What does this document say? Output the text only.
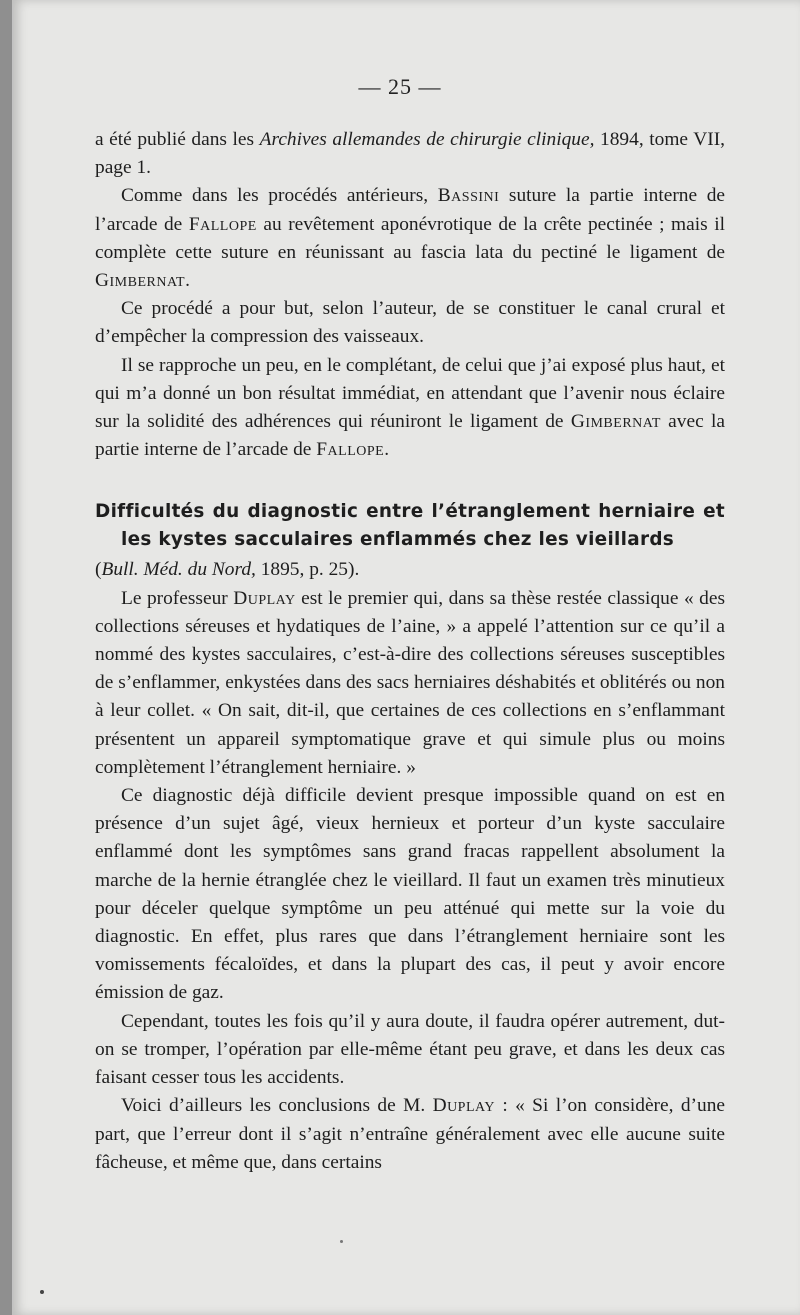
— 25 —

a été publié dans les Archives allemandes de chirurgie clinique, 1894, tome VII, page 1.

Comme dans les procédés antérieurs, Bassini suture la partie interne de l’arcade de Fallope au revêtement aponévrotique de la crête pectinée ; mais il complète cette suture en réunissant au fascia lata du pectiné le ligament de Gimbernat.

Ce procédé a pour but, selon l’auteur, de se constituer le canal crural et d’empêcher la compression des vaisseaux.

Il se rapproche un peu, en le complétant, de celui que j’ai exposé plus haut, et qui m’a donné un bon résultat immédiat, en attendant que l’avenir nous éclaire sur la solidité des adhérences qui réuniront le ligament de Gimbernat avec la partie interne de l’arcade de Fallope.

Difficultés du diagnostic entre l’étranglement herniaire et les kystes sacculaires enflammés chez les vieillards

(Bull. Méd. du Nord, 1895, p. 25).

Le professeur Duplay est le premier qui, dans sa thèse restée classique « des collections séreuses et hydatiques de l’aine, » a appelé l’attention sur ce qu’il a nommé des kystes sacculaires, c’est-à-dire des collections séreuses susceptibles de s’enflammer, enkystées dans des sacs herniaires déshabités et oblitérés ou non à leur collet. « On sait, dit-il, que certaines de ces collections en s’enflammant présentent un appareil symptomatique grave et qui simule plus ou moins complètement l’étranglement herniaire. »

Ce diagnostic déjà difficile devient presque impossible quand on est en présence d’un sujet âgé, vieux hernieux et porteur d’un kyste sacculaire enflammé dont les symptômes sans grand fracas rappellent absolument la marche de la hernie étranglée chez le vieillard. Il faut un examen très minutieux pour déceler quelque symptôme un peu atténué qui mette sur la voie du diagnostic. En effet, plus rares que dans l’étranglement herniaire sont les vomissements fécaloïdes, et dans la plupart des cas, il peut y avoir encore émission de gaz.

Cependant, toutes les fois qu’il y aura doute, il faudra opérer autrement, dut-on se tromper, l’opération par elle-même étant peu grave, et dans les deux cas faisant cesser tous les accidents.

Voici d’ailleurs les conclusions de M. Duplay : « Si l’on considère, d’une part, que l’erreur dont il s’agit n’entraîne généralement avec elle aucune suite fâcheuse, et même que, dans certains
